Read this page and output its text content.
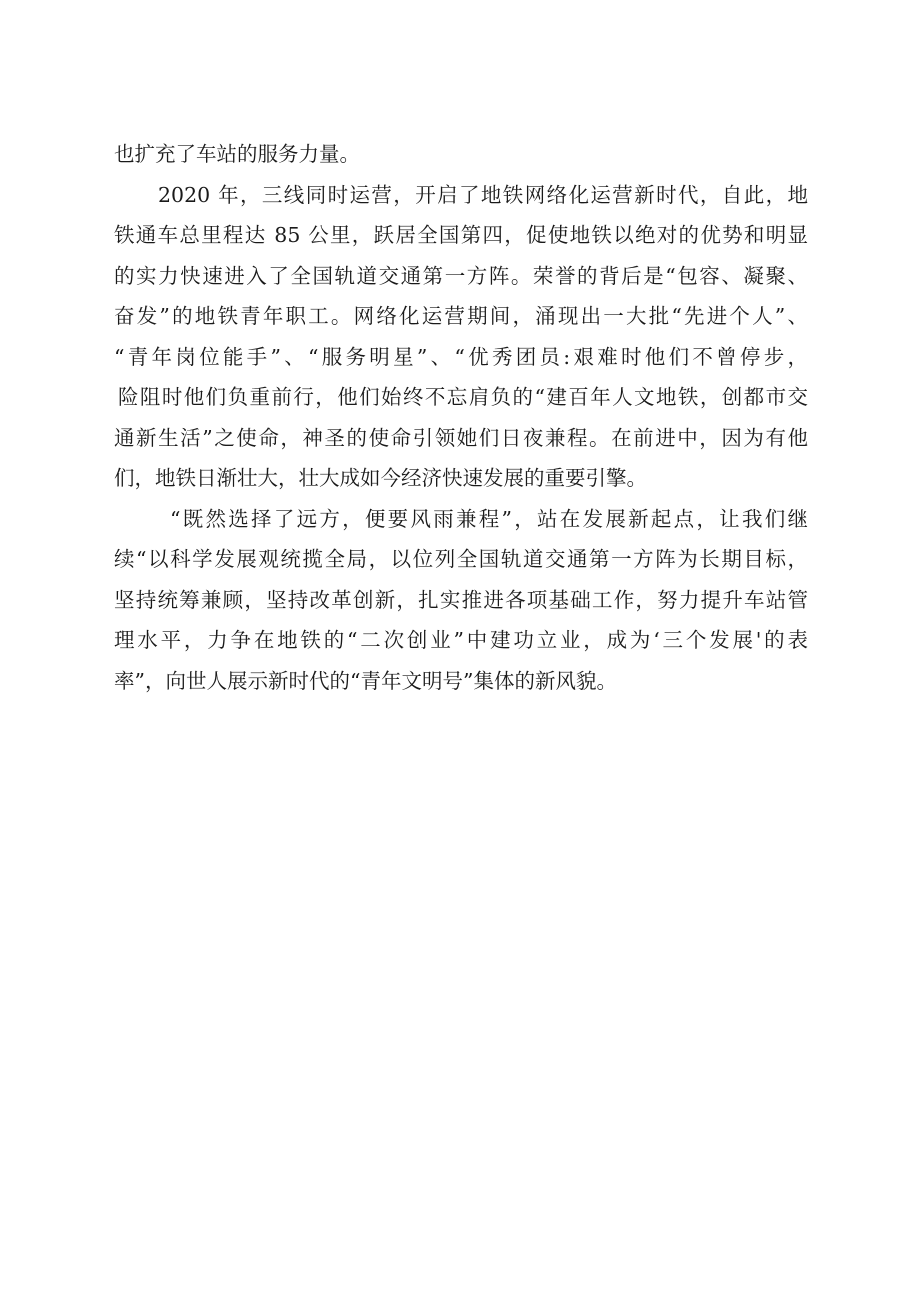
也扩充了车站的服务力量。
2020 年，三线同时运营，开启了地铁网络化运营新时代，自此，地
铁通车总里程达 85 公里，跃居全国第四，促使地铁以绝对的优势和明显
的实力快速进入了全国轨道交通第一方阵。荣誉的背后是“包容、凝聚、
奋发”的地铁青年职工。网络化运营期间，涌现出一大批“先进个人”、
“青年岗位能手”、“服务明星”、“优秀团员:艰难时他们不曾停步，
险阻时他们负重前行，他们始终不忘肩负的“建百年人文地铁，创都市交
通新生活”之使命，神圣的使命引领她们日夜兼程。在前进中，因为有他
们，地铁日渐壮大，壮大成如今经济快速发展的重要引擎。
“既然选择了远方，便要风雨兼程”，站在发展新起点，让我们继
续“以科学发展观统揽全局，以位列全国轨道交通第一方阵为长期目标，
坚持统筹兼顾，坚持改革创新，扎实推进各项基础工作，努力提升车站管
理水平，力争在地铁的“二次创业”中建功立业，成为‘三个发展'的表
率”，向世人展示新时代的“青年文明号”集体的新风貌。
